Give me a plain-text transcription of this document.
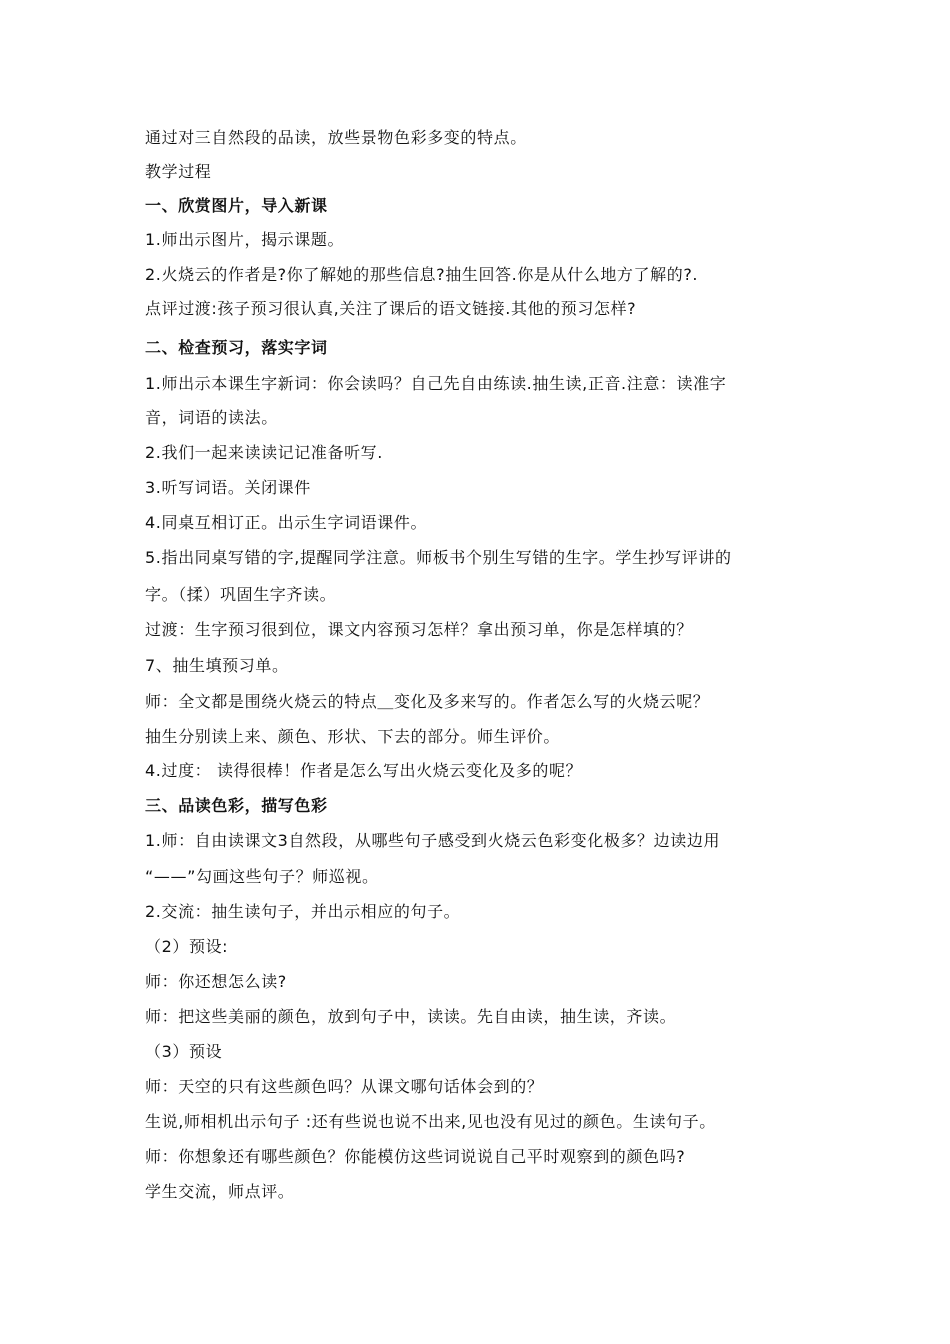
通过对三自然段的品读，放些景物色彩多变的特点。
教学过程
一、欣赏图片，导入新课
1.师出示图片，揭示课题。
2.火烧云的作者是?你了解她的那些信息?抽生回答.你是从什么地方了解的?.
点评过渡:孩子预习很认真,关注了课后的语文链接.其他的预习怎样?
二、检查预习，落实字词
1.师出示本课生字新词：你会读吗？自己先自由练读.抽生读,正音.注意：读准字
音，词语的读法。
2.我们一起来读读记记准备听写.
3.听写词语。关闭课件
4.同桌互相订正。出示生字词语课件。
5.指出同桌写错的字,提醒同学注意。师板书个别生写错的生字。学生抄写评讲的
字。（揉）巩固生字齐读。
过渡：生字预习很到位，课文内容预习怎样？拿出预习单，你是怎样填的？
7、抽生填预习单。
师：全文都是围绕火烧云的特点＿变化及多来写的。作者怎么写的火烧云呢？
抽生分别读上来、颜色、形状、下去的部分。师生评价。
4.过度： 读得很棒！作者是怎么写出火烧云变化及多的呢？
三、品读色彩，描写色彩
1.师：自由读课文3自然段，从哪些句子感受到火烧云色彩变化极多？边读边用
“——”勾画这些句子？师巡视。
2.交流：抽生读句子，并出示相应的句子。
（2）预设:
师：你还想怎么读?
师：把这些美丽的颜色，放到句子中，读读。先自由读，抽生读，齐读。
（3）预设
师：天空的只有这些颜色吗？从课文哪句话体会到的？
生说,师相机出示句子 :还有些说也说不出来,见也没有见过的颜色。生读句子。
师：你想象还有哪些颜色？你能模仿这些词说说自己平时观察到的颜色吗?
学生交流，师点评。
